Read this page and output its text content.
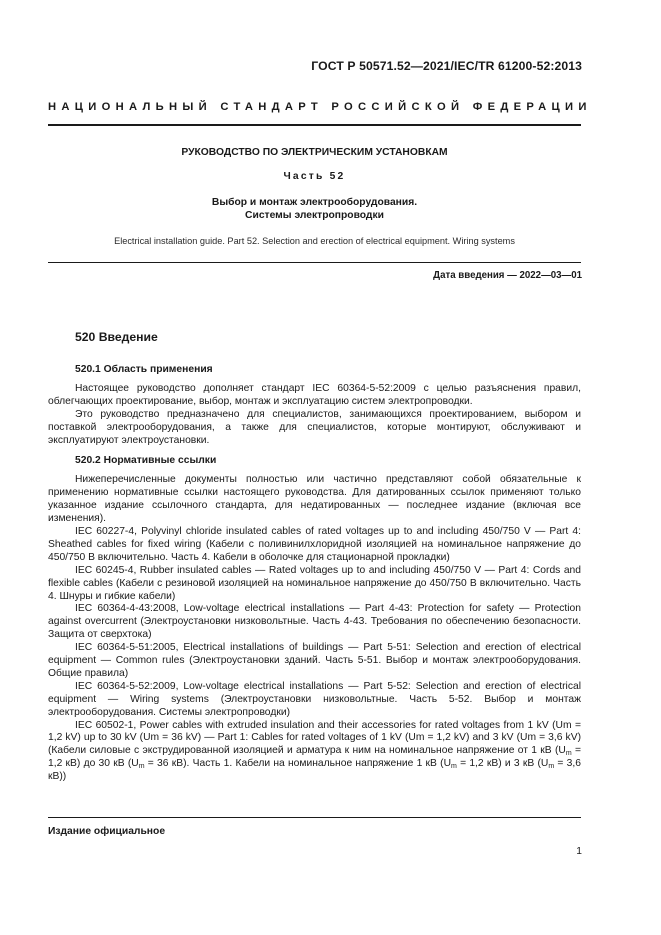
ГОСТ Р 50571.52—2021/IEC/TR 61200-52:2013
НАЦИОНАЛЬНЫЙ СТАНДАРТ РОССИЙСКОЙ ФЕДЕРАЦИИ
РУКОВОДСТВО ПО ЭЛЕКТРИЧЕСКИМ УСТАНОВКАМ
Часть 52
Выбор и монтаж электрооборудования.
Системы электропроводки
Electrical installation guide. Part 52. Selection and erection of electrical equipment. Wiring systems
Дата введения — 2022—03—01
520 Введение
520.1 Область применения

Настоящее руководство дополняет стандарт IEC 60364-5-52:2009 с целью разъяснения правил, облегчающих проектирование, выбор, монтаж и эксплуатацию систем электропроводки.

Это руководство предназначено для специалистов, занимающихся проектированием, выбором и поставкой электрооборудования, а также для специалистов, которые монтируют, обслуживают и эксплуатируют электроустановки.

520.2 Нормативные ссылки

Нижеперечисленные документы полностью или частично представляют собой обязательные к применению нормативные ссылки настоящего руководства. Для датированных ссылок применяют только указанное издание ссылочного стандарта, для недатированных — последнее издание (включая все изменения).

IEC 60227-4, Polyvinyl chloride insulated cables of rated voltages up to and including 450/750 V — Part 4: Sheathed cables for fixed wiring (Кабели с поливинилхлоридной изоляцией на номинальное напряжение до 450/750 В включительно. Часть 4. Кабели в оболочке для стационарной прокладки)

IEC 60245-4, Rubber insulated cables — Rated voltages up to and including 450/750 V — Part 4: Cords and flexible cables (Кабели с резиновой изоляцией на номинальное напряжение до 450/750 В включительно. Часть 4. Шнуры и гибкие кабели)

IEC 60364-4-43:2008, Low-voltage electrical installations — Part 4-43: Protection for safety — Protection against overcurrent (Электроустановки низковольтные. Часть 4-43. Требования по обеспечению безопасности. Защита от сверхтока)

IEC 60364-5-51:2005, Electrical installations of buildings — Part 5-51: Selection and erection of electrical equipment — Common rules (Электроустановки зданий. Часть 5-51. Выбор и монтаж электрооборудования. Общие правила)

IEC 60364-5-52:2009, Low-voltage electrical installations — Part 5-52: Selection and erection of electrical equipment — Wiring systems (Электроустановки низковольтные. Часть 5-52. Выбор и монтаж электрооборудования. Системы электропроводки)

IEC 60502-1, Power cables with extruded insulation and their accessories for rated voltages from 1 kV (Um = 1,2 kV) up to 30 kV (Um = 36 kV) — Part 1: Cables for rated voltages of 1 kV (Um = 1,2 kV) and 3 kV (Um = 3,6 kV) (Кабели силовые с экструдированной изоляцией и арматура к ним на номинальное напряжение от 1 кВ ($U_m = 1,2$ кВ) до 30 кВ ($U_m = 36$ кВ). Часть 1. Кабели на номинальное напряжение 1 кВ ($U_m = 1,2$ кВ) и 3 кВ ($U_m = 3,6$ кВ))

Издание официальное
1
